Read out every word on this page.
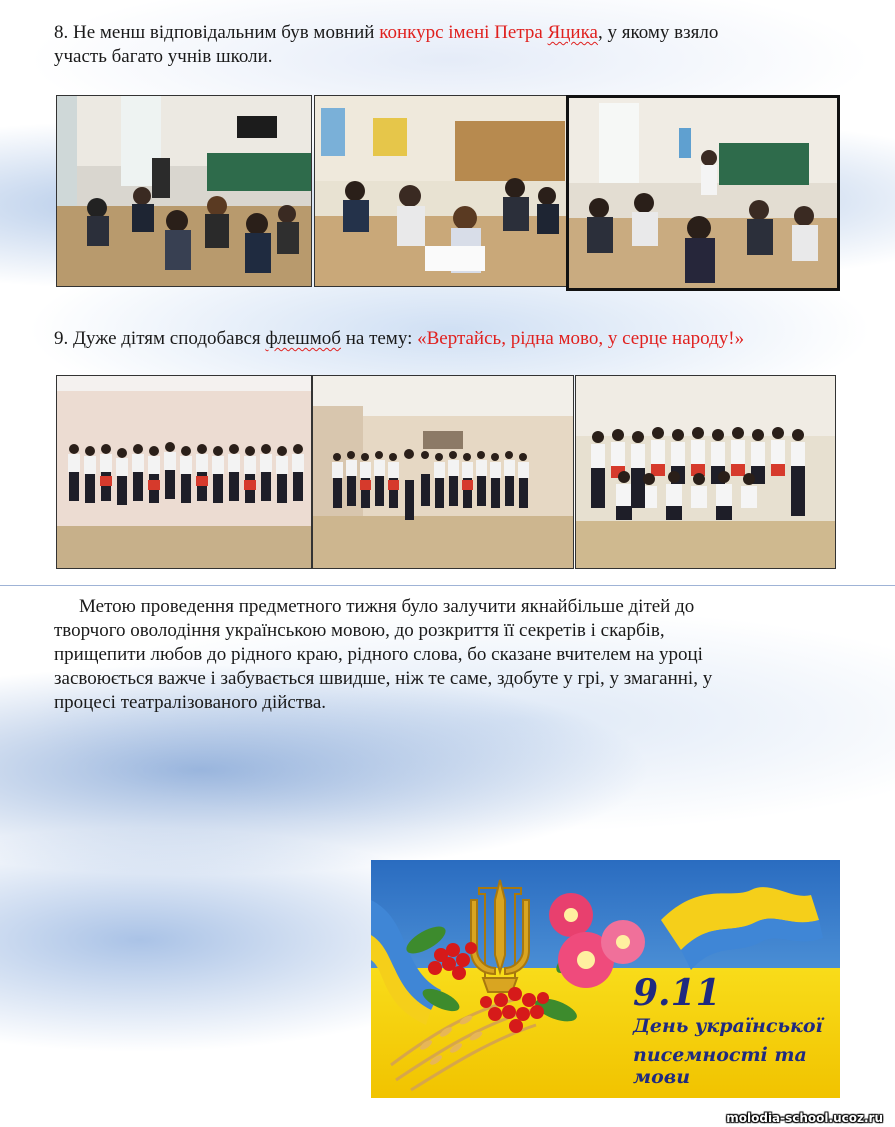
8. Не менш відповідальним був мовний конкурс імені Петра Яцика, у якому взяло
участь багато учнів школи.
9. Дуже дітям сподобався флешмоб на тему: «Вертайсь, рідна мово, у серце народу!»
Метою проведення предметного тижня було залучити якнайбільше дітей до
творчого оволодіння українською мовою, до розкриття її секретів і скарбів,
прищепити любов до рідного краю, рідного слова, бо сказане вчителем на уроці
засвоюється важче і забувається швидше, ніж те саме, здобуте у грі, у змаганні, у
процесі театралізованого дійства.
9.11
День української
писемності та мови
molodia-school.ucoz.ru
